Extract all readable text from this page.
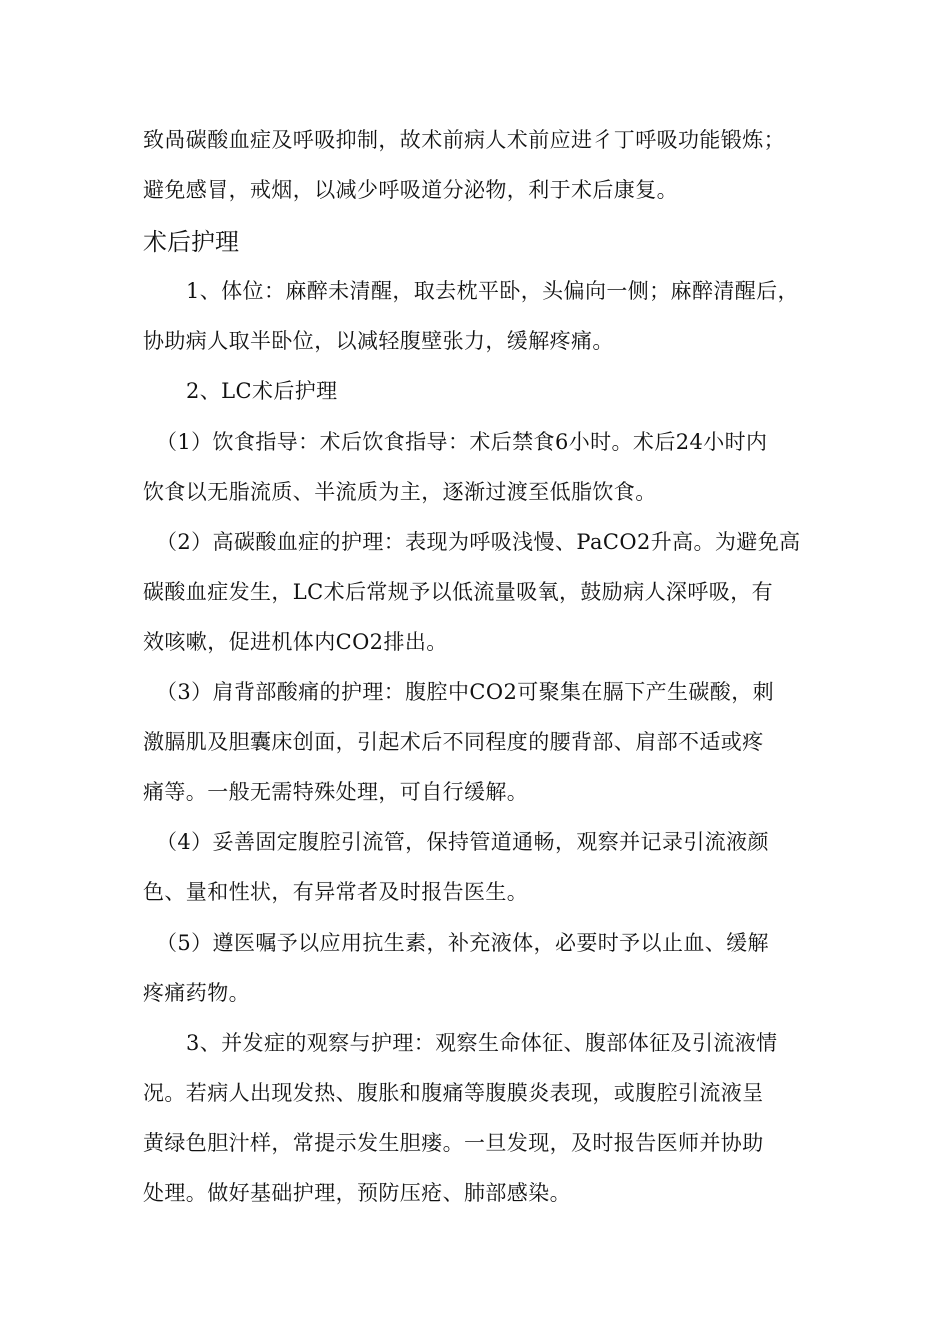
致咼碳酸血症及呼吸抑制，故术前病人术前应进彳丁呼吸功能锻炼；
避免感冒，戒烟，以减少呼吸道分泌物，利于术后康复。
术后护理
1、体位：麻醉未清醒，取去枕平卧，头偏向一侧；麻醉清醒后，
协助病人取半卧位，以减轻腹壁张力，缓解疼痛。
2、LC术后护理
（1）饮食指导：术后饮食指导：术后禁食6小时。术后24小时内
饮食以无脂流质、半流质为主，逐渐过渡至低脂饮食。
（2）高碳酸血症的护理：表现为呼吸浅慢、PaCO2升高。为避免高
碳酸血症发生，LC术后常规予以低流量吸氧，鼓励病人深呼吸，有
效咳嗽，促进机体内CO2排出。
（3）肩背部酸痛的护理：腹腔中CO2可聚集在膈下产生碳酸，刺
激膈肌及胆囊床创面，引起术后不同程度的腰背部、肩部不适或疼
痛等。一般无需特殊处理，可自行缓解。
（4）妥善固定腹腔引流管，保持管道通畅，观察并记录引流液颜
色、量和性状，有异常者及时报告医生。
（5）遵医嘱予以应用抗生素，补充液体，必要时予以止血、缓解
疼痛药物。
3、并发症的观察与护理：观察生命体征、腹部体征及引流液情
况。若病人出现发热、腹胀和腹痛等腹膜炎表现，或腹腔引流液呈
黄绿色胆汁样，常提示发生胆瘘。一旦发现，及时报告医师并协助
处理。做好基础护理，预防压疮、肺部感染。
